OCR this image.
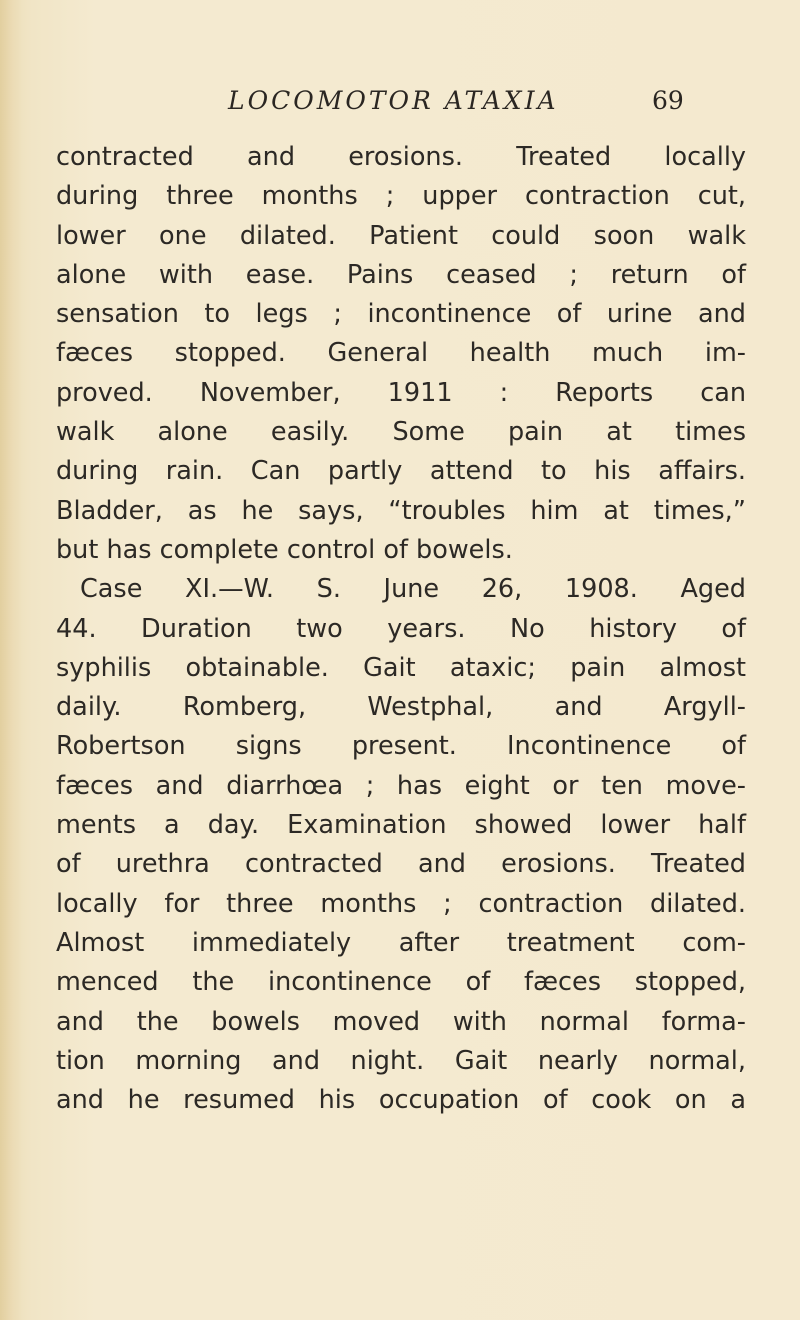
LOCOMOTOR ATAXIA	69
contracted and erosions. Treated locally
during three months ; upper contraction cut,
lower one dilated. Patient could soon walk
alone with ease. Pains ceased ; return of
sensation to legs ; incontinence of urine and
fæces stopped. General health much im-
proved. November, 1911 : Reports can
walk alone easily. Some pain at times
during rain. Can partly attend to his affairs.
Bladder, as he says, “troubles him at times,”
but has complete control of bowels.
Case XI.—W. S. June 26, 1908. Aged
44. Duration two years. No history of
syphilis obtainable. Gait ataxic; pain almost
daily. Romberg, Westphal, and Argyll-
Robertson signs present. Incontinence of
fæces and diarrhœa ; has eight or ten move-
ments a day. Examination showed lower half
of urethra contracted and erosions. Treated
locally for three months ; contraction dilated.
Almost immediately after treatment com-
menced the incontinence of fæces stopped,
and the bowels moved with normal forma-
tion morning and night. Gait nearly normal,
and he resumed his occupation of cook on a
